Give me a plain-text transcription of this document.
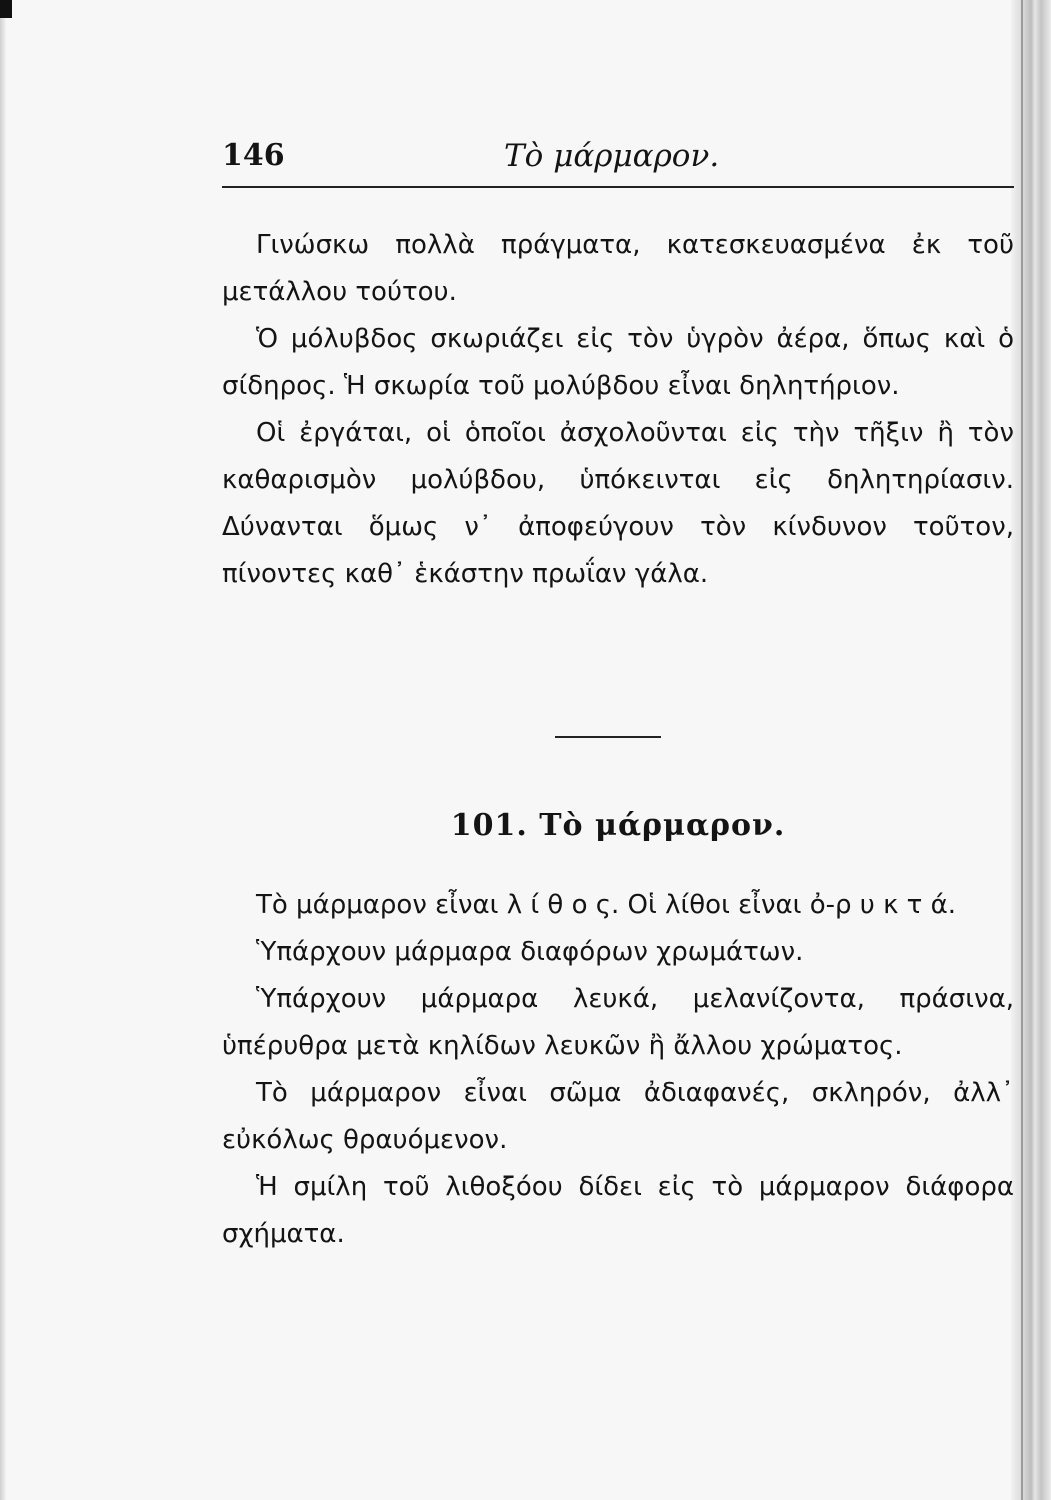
146	Τὸ μάρμαρον.

Γινώσκω πολλὰ πράγματα, κατεσκευασμένα ἐκ τοῦ μετάλλου τούτου.

Ὁ μόλυβδος σκωριάζει εἰς τὸν ὑγρὸν ἀέρα, ὅπως καὶ ὁ σίδηρος. Ἡ σκωρία τοῦ μολύβδου εἶναι δηλητήριον.

Οἱ ἐργάται, οἱ ὁποῖοι ἀσχολοῦνται εἰς τὴν τῆξιν ἢ τὸν καθαρισμὸν μολύβδου, ὑπόκεινται εἰς δηλητηρίασιν. Δύνανται ὅμως ν᾽ ἀποφεύγουν τὸν κίνδυνον τοῦτον, πίνοντες καθ᾽ ἑκάστην πρωΐαν γάλα.

101. Τὸ μάρμαρον.

Τὸ μάρμαρον εἶναι λ ί θ ο ς. Οἱ λίθοι εἶναι ὀ-ρ υ κ τ ά.

Ὑπάρχουν μάρμαρα διαφόρων χρωμάτων.

Ὑπάρχουν μάρμαρα λευκά, μελανίζοντα, πράσινα, ὑπέρυθρα μετὰ κηλίδων λευκῶν ἢ ἄλλου χρώματος.

Τὸ μάρμαρον εἶναι σῶμα ἀδιαφανές, σκληρόν, ἀλλ᾽ εὐκόλως θραυόμενον.

Ἡ σμίλη τοῦ λιθοξόου δίδει εἰς τὸ μάρμαρον διάφορα σχήματα.
